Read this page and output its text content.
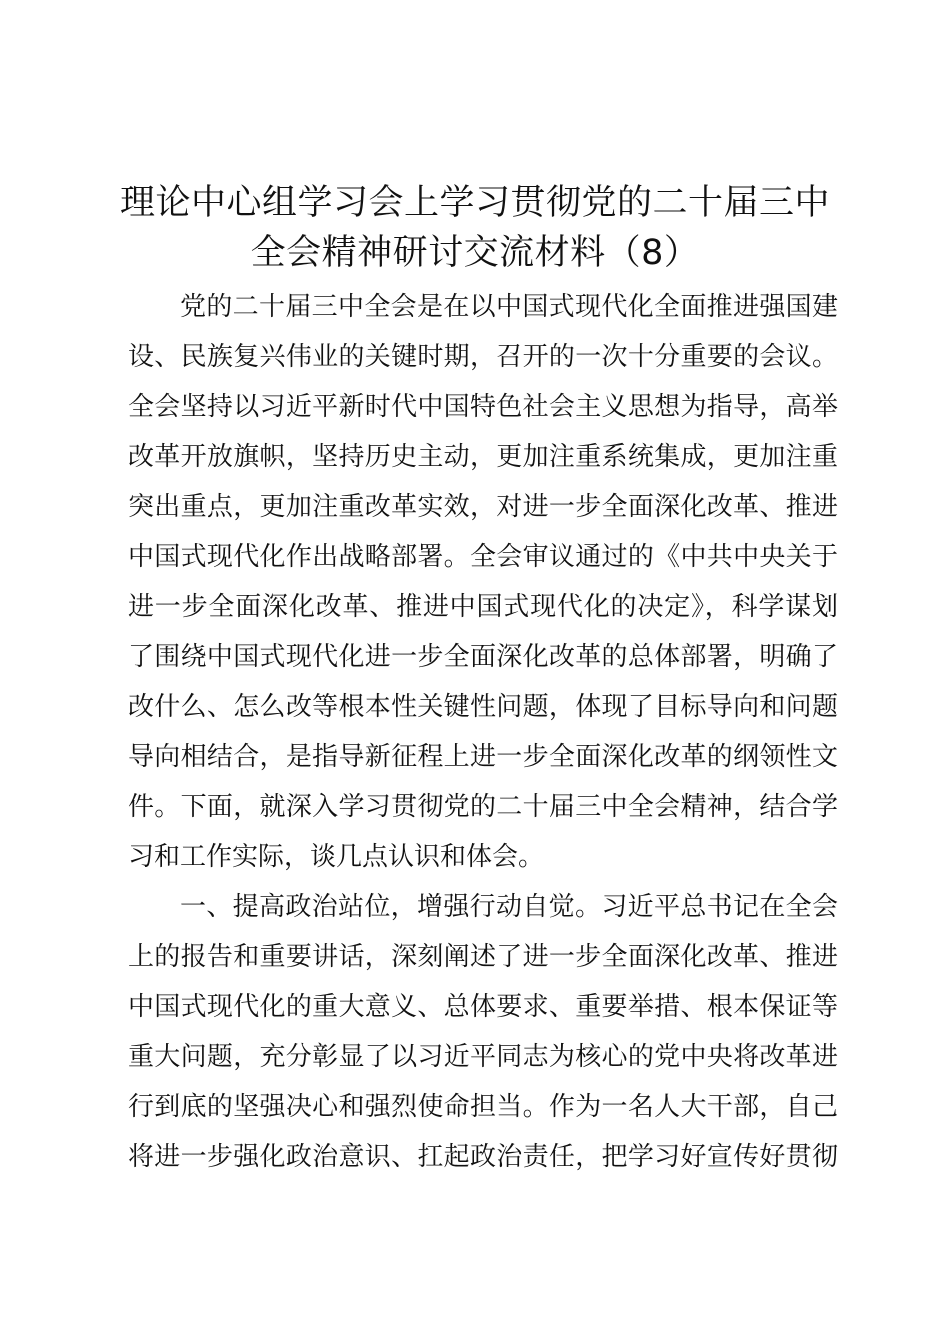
理论中心组学习会上学习贯彻党的二十届三中
全会精神研讨交流材料（8）
党的二十届三中全会是在以中国式现代化全面推进强国建
设、民族复兴伟业的关键时期，召开的一次十分重要的会议。
全会坚持以习近平新时代中国特色社会主义思想为指导，高举
改革开放旗帜，坚持历史主动，更加注重系统集成，更加注重
突出重点，更加注重改革实效，对进一步全面深化改革、推进
中国式现代化作出战略部署。全会审议通过的《中共中央关于
进一步全面深化改革、推进中国式现代化的决定》，科学谋划
了围绕中国式现代化进一步全面深化改革的总体部署，明确了
改什么、怎么改等根本性关键性问题，体现了目标导向和问题
导向相结合，是指导新征程上进一步全面深化改革的纲领性文
件。下面，就深入学习贯彻党的二十届三中全会精神，结合学
习和工作实际，谈几点认识和体会。
一、提高政治站位，增强行动自觉。习近平总书记在全会
上的报告和重要讲话，深刻阐述了进一步全面深化改革、推进
中国式现代化的重大意义、总体要求、重要举措、根本保证等
重大问题，充分彰显了以习近平同志为核心的党中央将改革进
行到底的坚强决心和强烈使命担当。作为一名人大干部，自己
将进一步强化政治意识、扛起政治责任，把学习好宣传好贯彻
